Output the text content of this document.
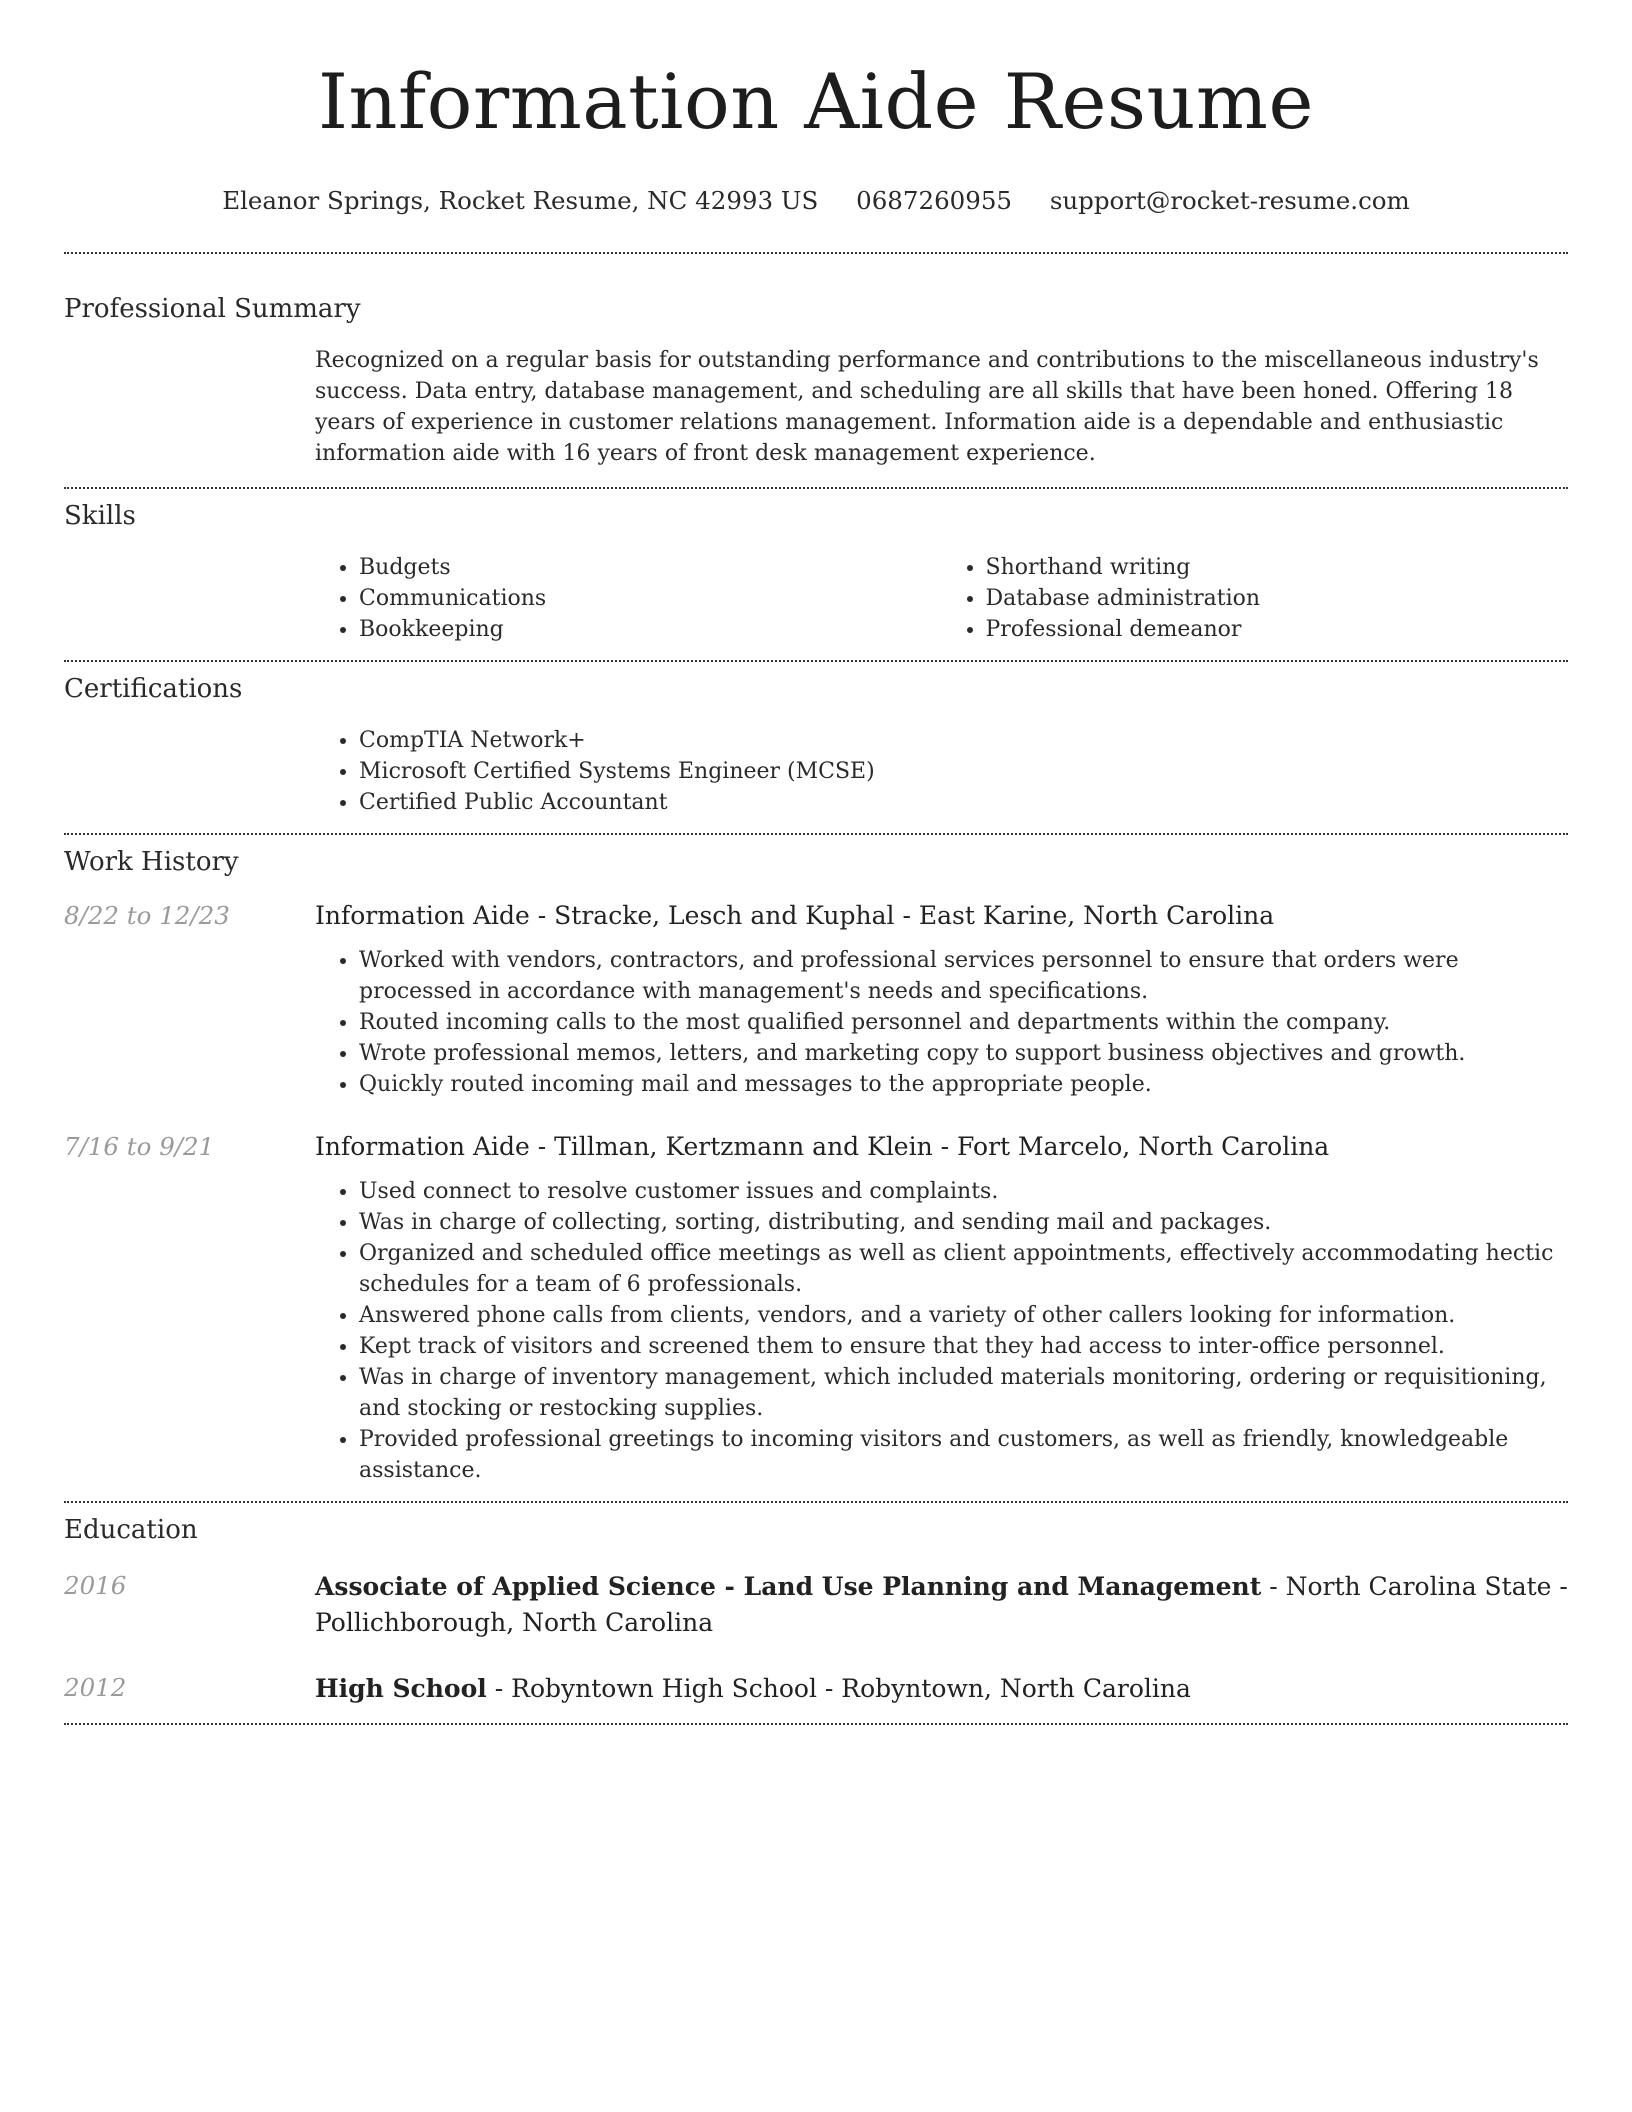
Information Aide Resume
Eleanor Springs, Rocket Resume, NC 42993 US 0687260955 support@rocket-resume.com
Professional Summary
Recognized on a regular basis for outstanding performance and contributions to the miscellaneous industry's success. Data entry, database management, and scheduling are all skills that have been honed. Offering 18 years of experience in customer relations management. Information aide is a dependable and enthusiastic information aide with 16 years of front desk management experience.
Skills
• Budgets
• Communications
• Bookkeeping
• Shorthand writing
• Database administration
• Professional demeanor
Certifications
• CompTIA Network+
• Microsoft Certified Systems Engineer (MCSE)
• Certified Public Accountant
Work History
8/22 to 12/23	Information Aide - Stracke, Lesch and Kuphal - East Karine, North Carolina
• Worked with vendors, contractors, and professional services personnel to ensure that orders were processed in accordance with management's needs and specifications.
• Routed incoming calls to the most qualified personnel and departments within the company.
• Wrote professional memos, letters, and marketing copy to support business objectives and growth.
• Quickly routed incoming mail and messages to the appropriate people.
7/16 to 9/21	Information Aide - Tillman, Kertzmann and Klein - Fort Marcelo, North Carolina
• Used connect to resolve customer issues and complaints.
• Was in charge of collecting, sorting, distributing, and sending mail and packages.
• Organized and scheduled office meetings as well as client appointments, effectively accommodating hectic schedules for a team of 6 professionals.
• Answered phone calls from clients, vendors, and a variety of other callers looking for information.
• Kept track of visitors and screened them to ensure that they had access to inter-office personnel.
• Was in charge of inventory management, which included materials monitoring, ordering or requisitioning, and stocking or restocking supplies.
• Provided professional greetings to incoming visitors and customers, as well as friendly, knowledgeable assistance.
Education
2016	Associate of Applied Science - Land Use Planning and Management - North Carolina State - Pollichborough, North Carolina
2012	High School - Robyntown High School - Robyntown, North Carolina
